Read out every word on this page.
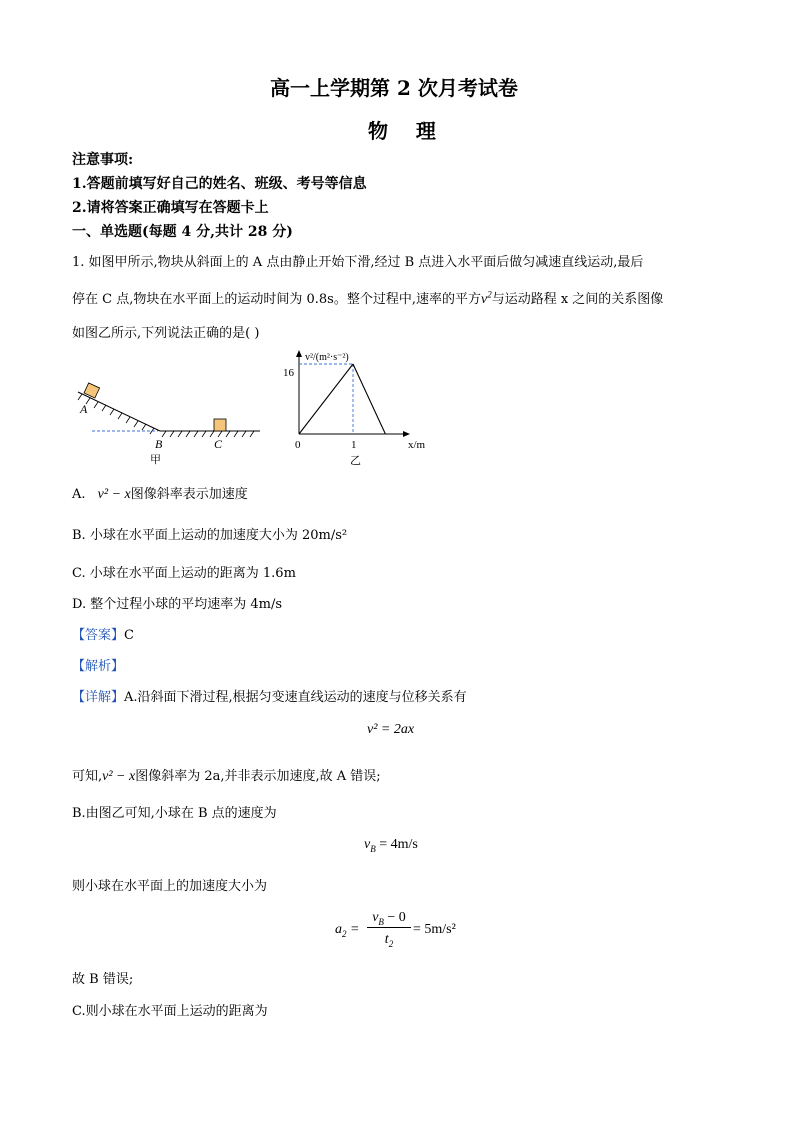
高一上学期第 2 次月考试卷
物    理
注意事项:
1.答题前填写好自己的姓名、班级、考号等信息
2.请将答案正确填写在答题卡上
一、单选题(每题 4 分,共计 28 分)
1. 如图甲所示,物块从斜面上的 A 点由静止开始下滑,经过 B 点进入水平面后做匀减速直线运动,最后
停在 C 点,物块在水平面上的运动时间为 0.8s。整个过程中,速率的平方$v^2$与运动路程 x 之间的关系图像
如图乙所示,下列说法正确的是( )
A
B	C
甲
v²/(m²·s⁻²)
x/m
16
0	1
乙
A. v² − x图像斜率表示加速度
B. 小球在水平面上运动的加速度大小为 20m/s²
C. 小球在水平面上运动的距离为 1.6m
D. 整个过程小球的平均速率为 4m/s
【答案】C
【解析】
【详解】A.沿斜面下滑过程,根据匀变速直线运动的速度与位移关系有
v² = 2ax
可知,v² − x图像斜率为 2a,并非表示加速度,故 A 错误;
B.由图乙可知,小球在 B 点的速度为
$v_B = 4m/s$
则小球在水平面上的加速度大小为
$a_2$ =
$v_B - 0$
$t_2$
= 5m/s²
故 B 错误;
C.则小球在水平面上运动的距离为
